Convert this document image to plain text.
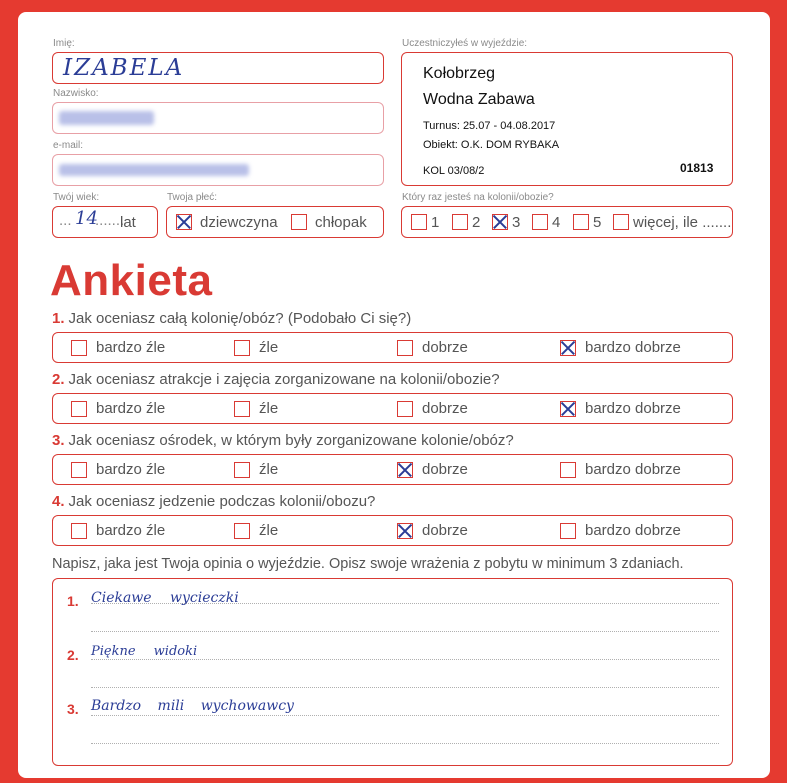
Imię:
IZABELA
Nazwisko:
e-mail:
Twój wiek:
... 14
.......
lat
Twoja płeć:
dziewczyna chłopak
Uczestniczyłeś w wyjeździe:
Kołobrzeg
Wodna Zabawa
Turnus: 25.07 - 04.08.2017
Obiekt: O.K. DOM RYBAKA
KOL 03/08/2	01813
Który raz jesteś na kolonii/obozie?
1 2 3 4 5 więcej, ile .......
Ankieta
1. Jak oceniasz całą kolonię/obóz? (Podobało Ci się?)
bardzo źle	źle	dobrze	bardzo dobrze
2. Jak oceniasz atrakcje i zajęcia zorganizowane na kolonii/obozie?
bardzo źle	źle	dobrze	bardzo dobrze
3. Jak oceniasz ośrodek, w którym były zorganizowane kolonie/obóz?
bardzo źle	źle	dobrze	bardzo dobrze
4. Jak oceniasz jedzenie podczas kolonii/obozu?
bardzo źle	źle	dobrze	bardzo dobrze
Napisz, jaka jest Twoja opinia o wyjeździe. Opisz swoje wrażenia z pobytu w minimum 3 zdaniach.
1. Ciekawe wycieczki
2. Piękne widoki
3. Bardzo mili wychowawcy
